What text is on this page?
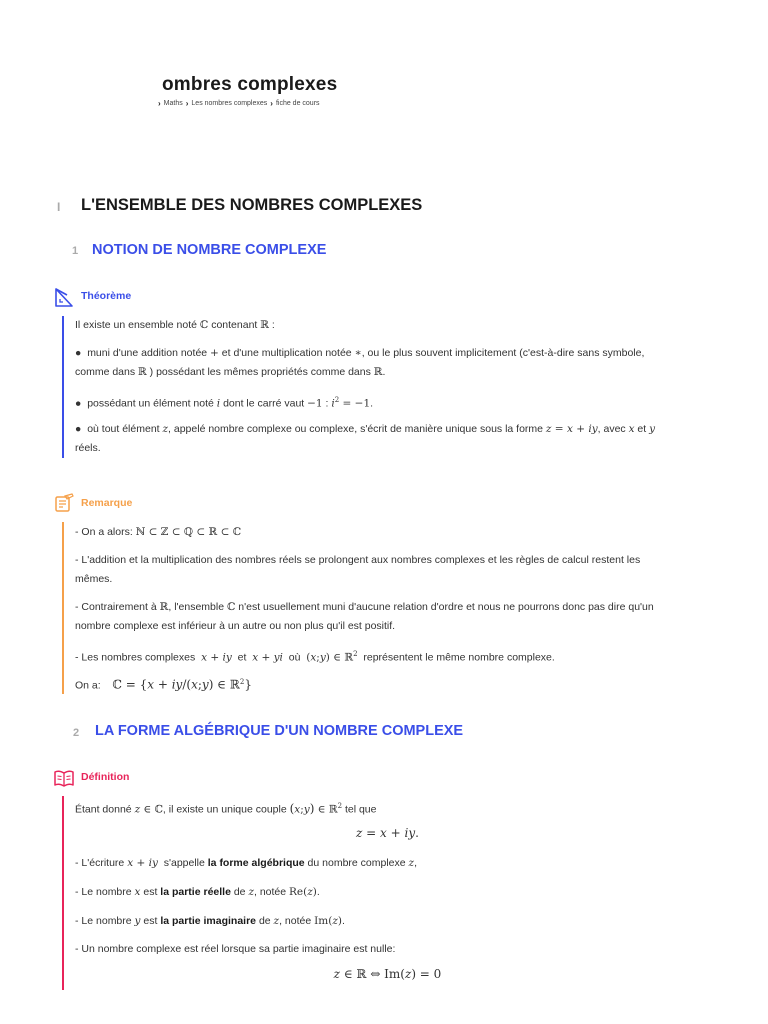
ombres complexes
› Maths › Les nombres complexes › fiche de cours
I L'ENSEMBLE DES NOMBRES COMPLEXES
1 NOTION DE NOMBRE COMPLEXE
Théorème
Il existe un ensemble noté ℂ contenant ℝ :
● muni d'une addition notée + et d'une multiplication notée ∗, ou le plus souvent implicitement (c'est-à-dire sans symbole,
comme dans ℝ ) possédant les mêmes propriétés comme dans ℝ.
● possédant un élément noté i dont le carré vaut −1 : $i^2 = -1$.
● où tout élément z, appelé nombre complexe ou complexe, s'écrit de manière unique sous la forme z = x + iy, avec x et y
réels.
Remarque
- On a alors: ℕ ⊂ ℤ ⊂ ℚ ⊂ ℝ ⊂ ℂ
- L'addition et la multiplication des nombres réels se prolongent aux nombres complexes et les règles de calcul restent les
mêmes.
- Contrairement à ℝ, l'ensemble ℂ n'est usuellement muni d'aucune relation d'ordre et nous ne pourrons donc pas dire qu'un
nombre complexe est inférieur à un autre ou non plus qu'il est positif.
- Les nombres complexes  x + iy  et  x + yi  où  (x;y) ∈ ℝ$^2$  représentent le même nombre complexe.
On a: ℂ = {x + iy/(x;y) ∈ ℝ$^2$}
2 LA FORME ALGÉBRIQUE D'UN NOMBRE COMPLEXE
Définition
Étant donné z ∈ ℂ, il existe un unique couple (x;y) ∈ ℝ$^2$ tel que
z = x + iy.
- L'écriture x + iy  s'appelle la forme algébrique du nombre complexe z,
- Le nombre x est la partie réelle de z, notée Re(z).
- Le nombre y est la partie imaginaire de z, notée Im(z).
- Un nombre complexe est réel lorsque sa partie imaginaire est nulle:
z ∈ ℝ ⇔ Im(z) = 0
